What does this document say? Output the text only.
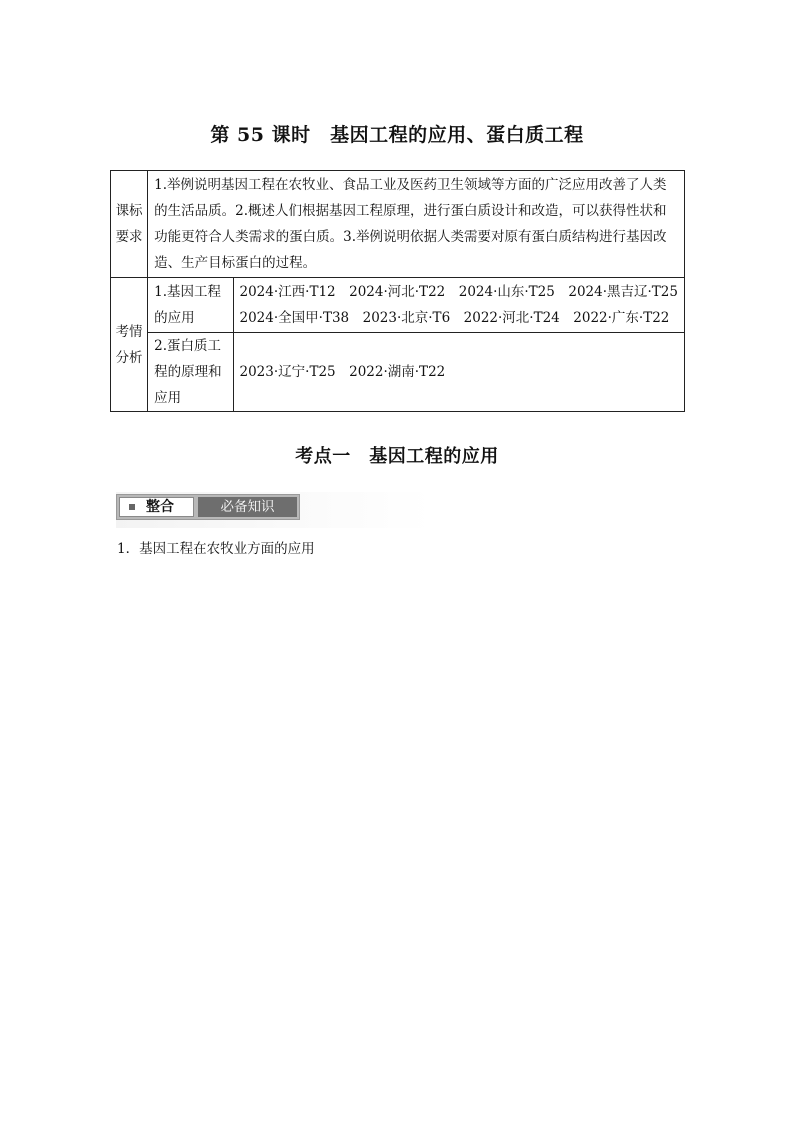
第 55 课时　基因工程的应用、蛋白质工程
课标要求	1.举例说明基因工程在农牧业、食品工业及医药卫生领域等方面的广泛应用改善了人类的生活品质。2.概述人们根据基因工程原理，进行蛋白质设计和改造，可以获得性状和功能更符合人类需求的蛋白质。3.举例说明依据人类需要对原有蛋白质结构进行基因改造、生产目标蛋白的过程。	
考情分析	1.基因工程的应用	2024·江西·T12　2024·河北·T22　2024·山东·T25　2024·黑吉辽·T25
2024·全国甲·T38　2023·北京·T6　2022·河北·T24　2022·广东·T22

	2.蛋白质工程的原理和应用	2023·辽宁·T25　2022·湖南·T22
考点一　基因工程的应用
整合	必备知识
1．基因工程在农牧业方面的应用
